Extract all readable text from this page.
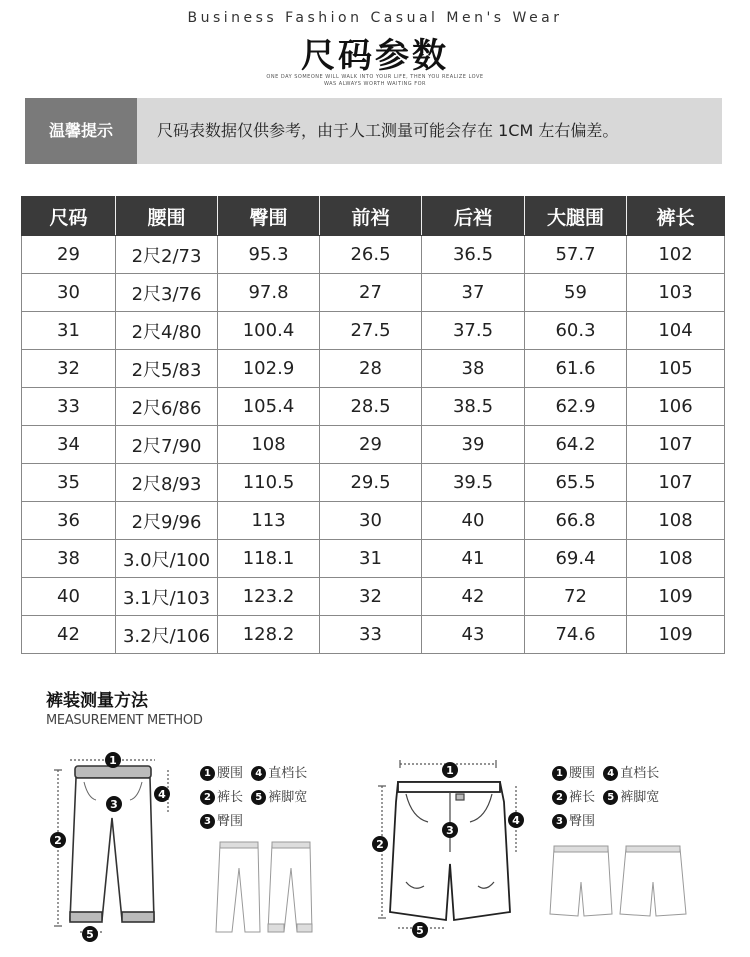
Business Fashion Casual Men's Wear
尺码参数
ONE DAY SOMEONE WILL WALK INTO YOUR LIFE, THEN YOU REALIZE LOVE
WAS ALWAYS WORTH WAITING FOR
温馨提示	尺码表数据仅供参考，由于人工测量可能会存在 1CM 左右偏差。
尺码	腰围	臀围	前裆	后裆	大腿围	裤长
29	2尺2/73	95.3	26.5	36.5	57.7	102
30	2尺3/76	97.8	27	37	59	103
31	2尺4/80	100.4	27.5	37.5	60.3	104
32	2尺5/83	102.9	28	38	61.6	105
33	2尺6/86	105.4	28.5	38.5	62.9	106
34	2尺7/90	108	29	39	64.2	107
35	2尺8/93	110.5	29.5	39.5	65.5	107
36	2尺9/96	113	30	40	66.8	108
38	3.0尺/100	118.1	31	41	69.4	108
40	3.1尺/103	123.2	32	42	72	109
42	3.2尺/106	128.2	33	43	74.6	109
裤装测量方法
MEASUREMENT METHOD
1
2
3
4
5
1 腰围 4 直档长
2 裤长 5 裤脚宽
3 臀围
1
2
3
4
5
1 腰围 4 直档长
2 裤长 5 裤脚宽
3 臀围
